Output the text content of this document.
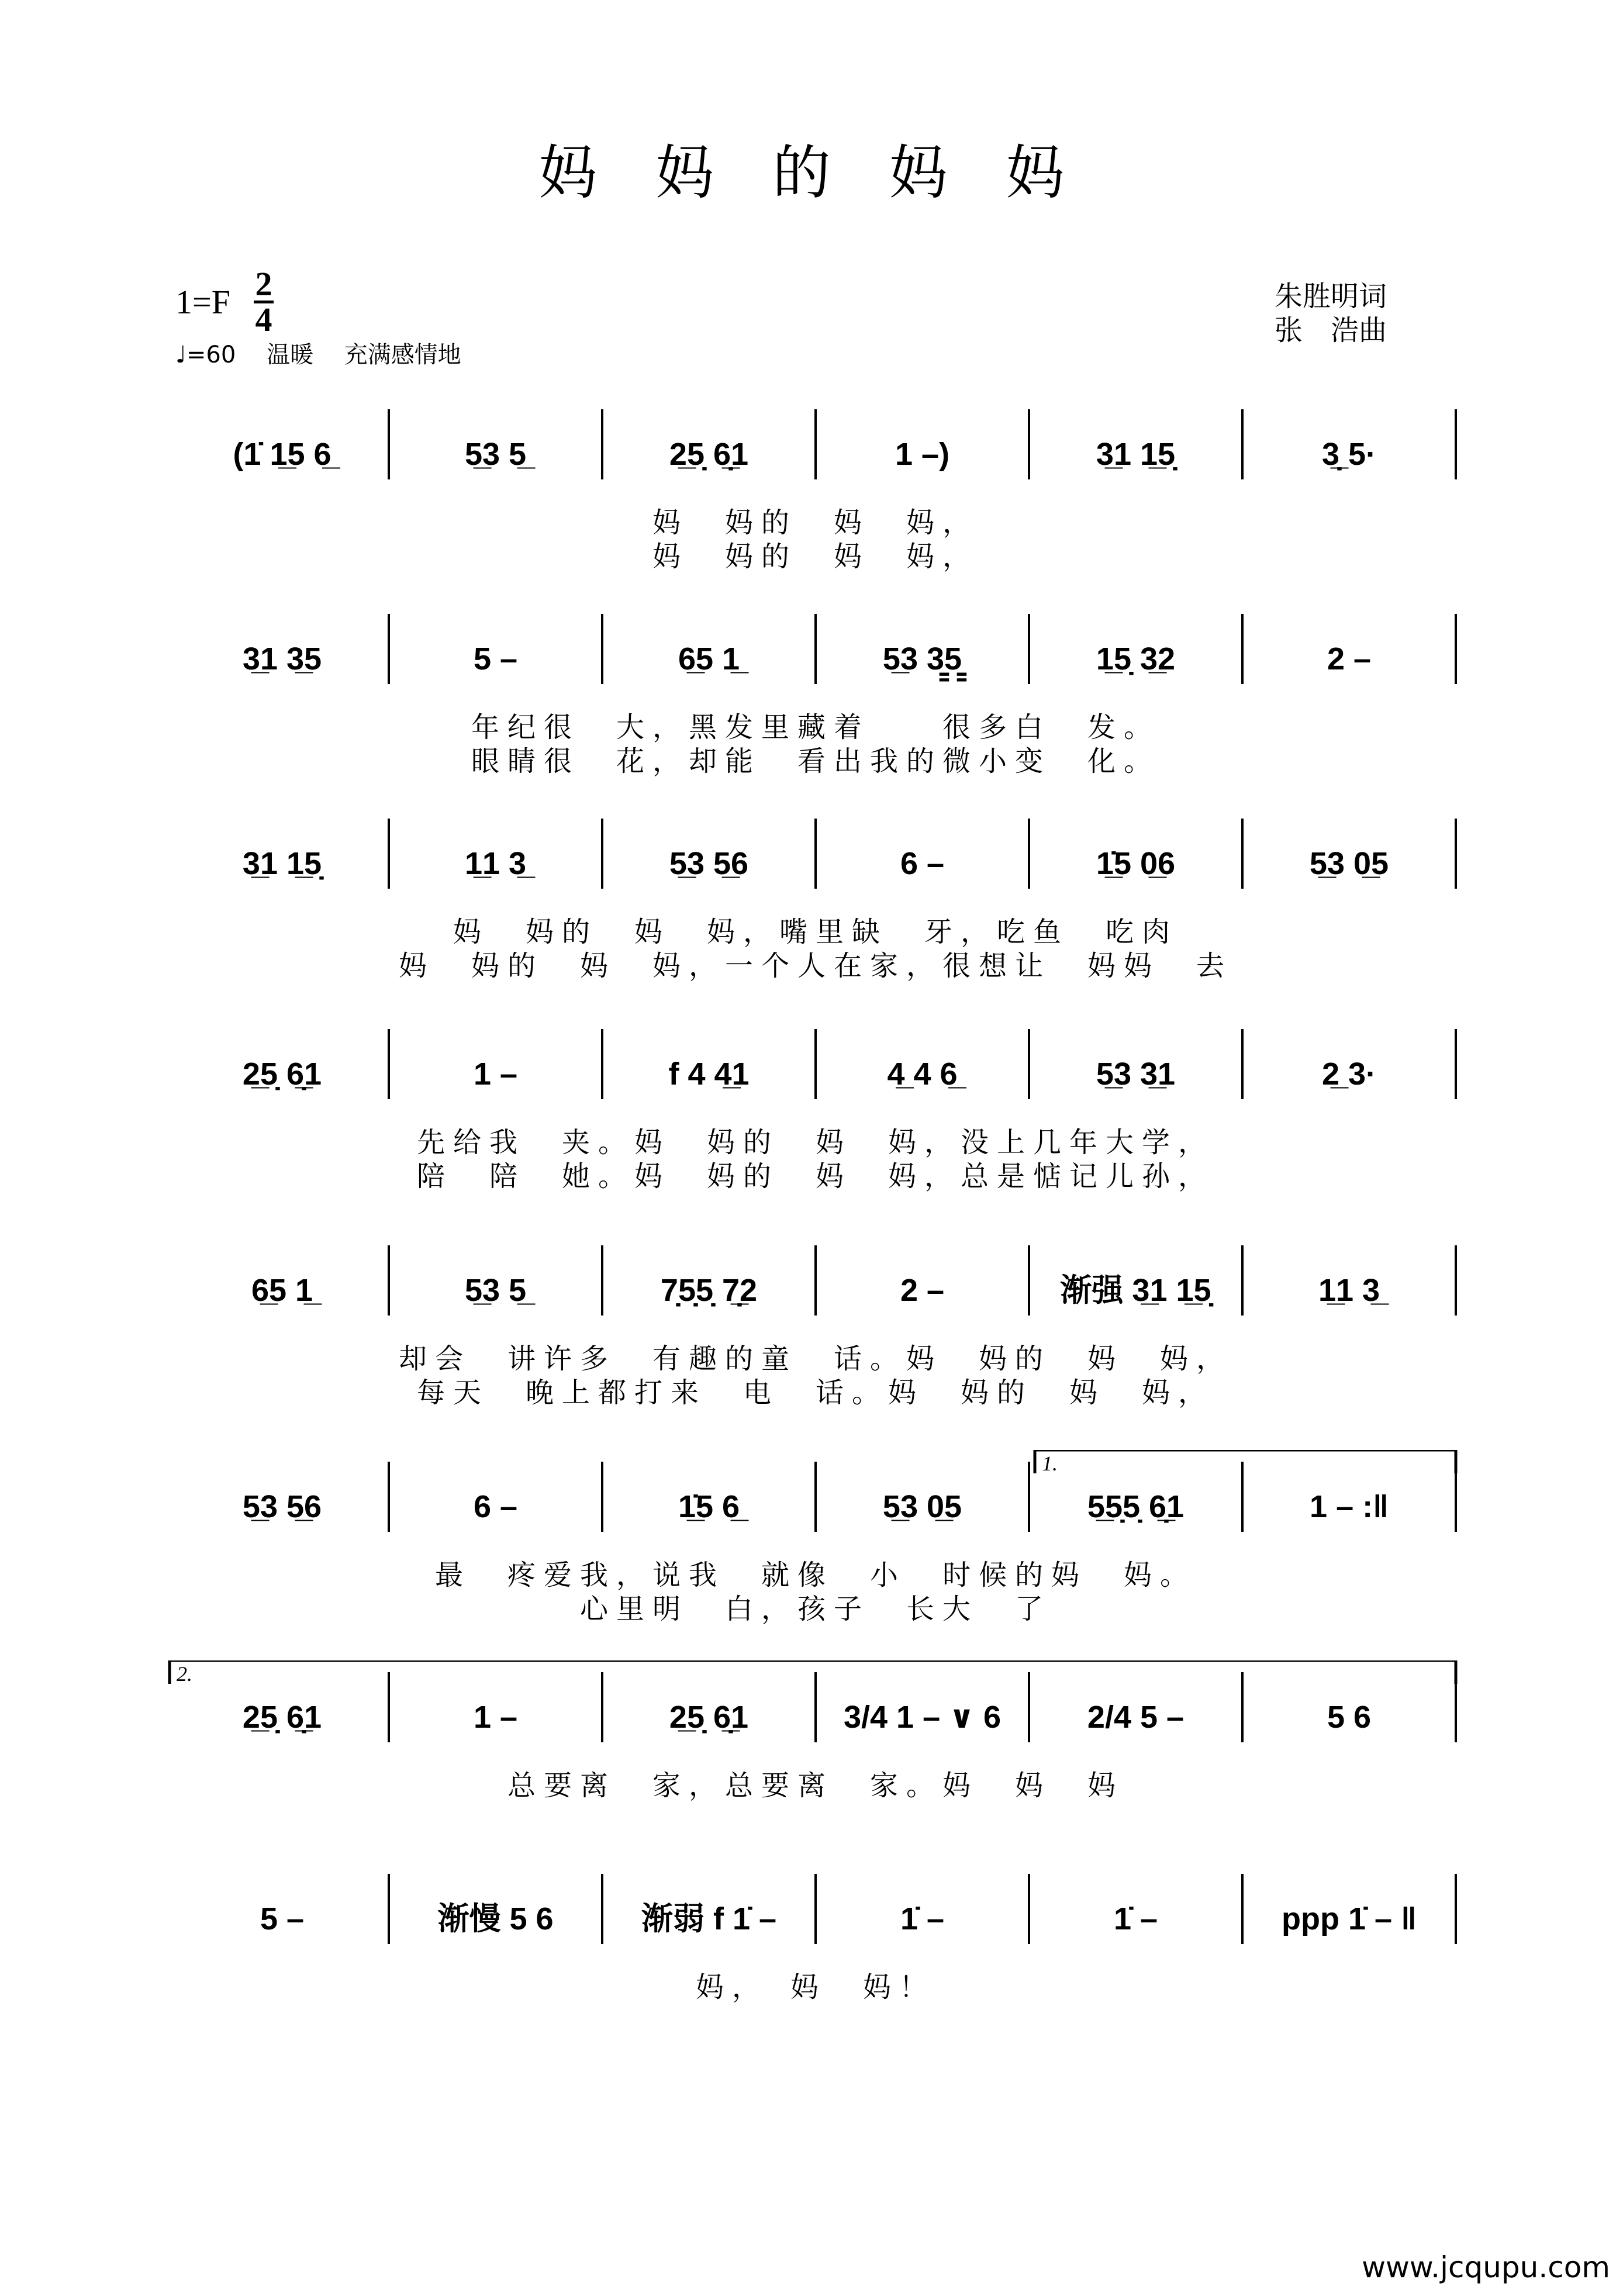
妈 妈 的 妈 妈
1=F 2
4
♩=60 温暖 充满感情地
朱胜明词
张　浩曲
(1̇ 1̲5 6̲	5̲3 5̲	2̲5̣ 6̣̲1	1 –)	3̲1 1̲5̣	3̣̲ 5·
妈　妈的　妈　妈，
妈　妈的　妈　妈，
3̲1 3̲5	5 –	6̲5 1̲	5̲3 3̳5̳	1̲5̣ 3̲2	2 –
年纪很　大，黑发里藏着　　很多白　发。
眼睛很　花，却能　看出我的微小变　化。
3̲1 1̲5̣	1̲1 3̲	5̲3 5̲6	6 –	1̲̇5 0̲6	5̲3 0̲5
妈　妈的　妈　妈，嘴里缺　牙，吃鱼　吃肉
妈　妈的　妈　妈，一个人在家，很想让　妈妈　去
2̲5̣ 6̣̲1	1 –	f 4 4̲1	4̲ 4 6̲	5̲3 3̲1	2̲ 3·
先给我　夹。妈　妈的　妈　妈，没上几年大学，
陪　陪　她。妈　妈的　妈　妈，总是惦记儿孙，
6̲5 1̲	5̲3 5̲	7̣5̣5̣ 7̣̲2	2 –	渐强 3̲1 1̲5̣	1̲1 3̲
却会　讲许多　有趣的童　话。妈　妈的　妈　妈，
每天　晚上都打来　电　话。妈　妈的　妈　妈，
1.
5̲3 5̲6	6 –	1̲̇5 6̲	5̲3 0̲5	5̲5̣5̣ 6̣̲1	1 – :‖
最　疼爱我，说我　就像　小　时候的妈　妈。
心里明　白，孩子　长大　了
2.
2̲5̣ 6̣̲1	1 –	2̲5̣ 6̣̲1	3/4 1 – ∨ 6	2/4 5 –	5 6
总要离　家，总要离　家。妈　妈　妈
5 –	渐慢 5 6	渐弱 f 1̇ –	1̇ –	1̇ –	ppp 1̇ – ‖
妈，　妈　妈！
www.jcqupu.com
